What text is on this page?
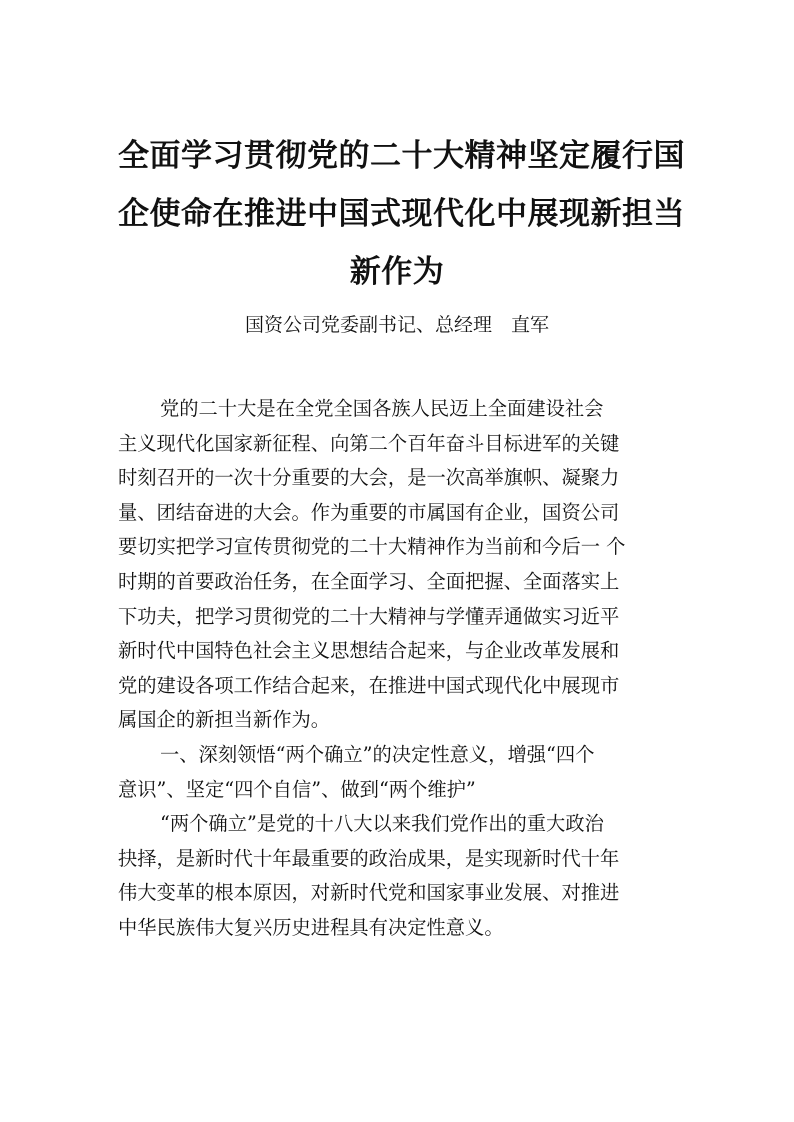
全面学习贯彻党的二十大精神坚定履行国
企使命在推进中国式现代化中展现新担当
新作为
国资公司党委副书记、总经理　直军
党的二十大是在全党全国各族人民迈上全面建设社会
主义现代化国家新征程、向第二个百年奋斗目标进军的关键
时刻召开的一次十分重要的大会，是一次高举旗帜、凝聚力
量、团结奋进的大会。作为重要的市属国有企业，国资公司
要切实把学习宣传贯彻党的二十大精神作为当前和今后一 个
时期的首要政治任务，在全面学习、全面把握、全面落实上
下功夫，把学习贯彻党的二十大精神与学懂弄通做实习近平
新时代中国特色社会主义思想结合起来，与企业改革发展和
党的建设各项工作结合起来，在推进中国式现代化中展现市
属国企的新担当新作为。
一、深刻领悟“两个确立”的决定性意义，增强“四个
意识”、坚定“四个自信”、做到“两个维护”
“两个确立”是党的十八大以来我们党作出的重大政治
抉择，是新时代十年最重要的政治成果，是实现新时代十年
伟大变革的根本原因，对新时代党和国家事业发展、对推进
中华民族伟大复兴历史进程具有决定性意义。
